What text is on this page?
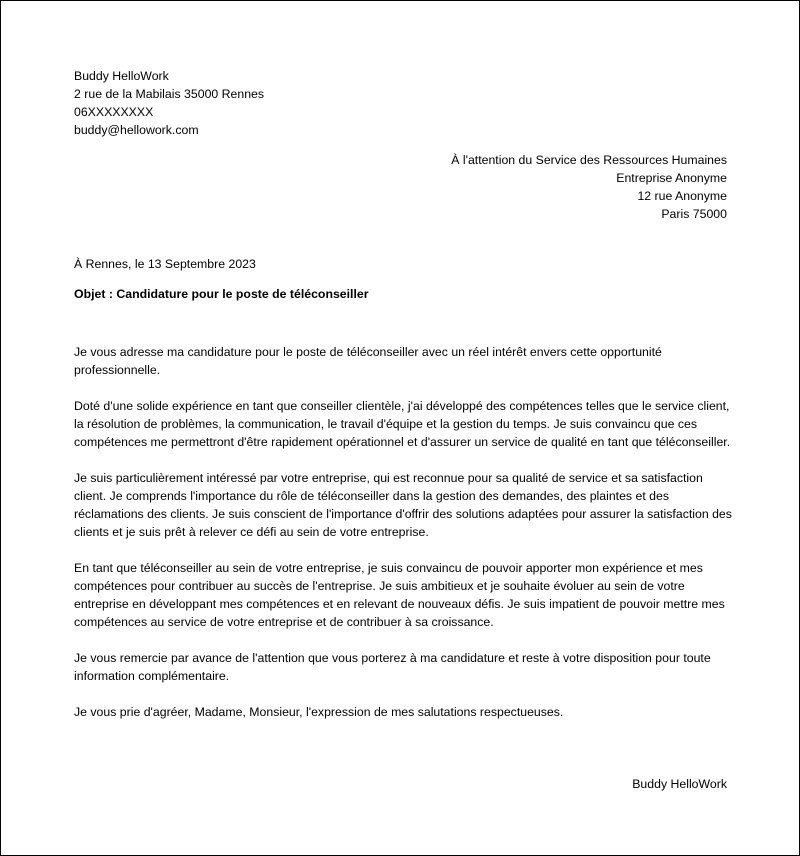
Buddy HelloWork
2 rue de la Mabilais 35000 Rennes
06XXXXXXXX
buddy@hellowork.com
À l'attention du Service des Ressources Humaines
Entreprise Anonyme
12 rue Anonyme
Paris 75000
À Rennes, le 13 Septembre 2023
Objet : Candidature pour le poste de téléconseiller

Je vous adresse ma candidature pour le poste de téléconseiller avec un réel intérêt envers cette opportunité professionnelle.

Doté d'une solide expérience en tant que conseiller clientèle, j'ai développé des compétences telles que le service client, la résolution de problèmes, la communication, le travail d'équipe et la gestion du temps. Je suis convaincu que ces compétences me permettront d'être rapidement opérationnel et d'assurer un service de qualité en tant que téléconseiller.

Je suis particulièrement intéressé par votre entreprise, qui est reconnue pour sa qualité de service et sa satisfaction client. Je comprends l'importance du rôle de téléconseiller dans la gestion des demandes, des plaintes et des réclamations des clients. Je suis conscient de l'importance d'offrir des solutions adaptées pour assurer la satisfaction des clients et je suis prêt à relever ce défi au sein de votre entreprise.

En tant que téléconseiller au sein de votre entreprise, je suis convaincu de pouvoir apporter mon expérience et mes compétences pour contribuer au succès de l'entreprise. Je suis ambitieux et je souhaite évoluer au sein de votre entreprise en développant mes compétences et en relevant de nouveaux défis. Je suis impatient de pouvoir mettre mes compétences au service de votre entreprise et de contribuer à sa croissance.

Je vous remercie par avance de l'attention que vous porterez à ma candidature et reste à votre disposition pour toute information complémentaire.

Je vous prie d'agréer, Madame, Monsieur, l'expression de mes salutations respectueuses.

Buddy HelloWork
